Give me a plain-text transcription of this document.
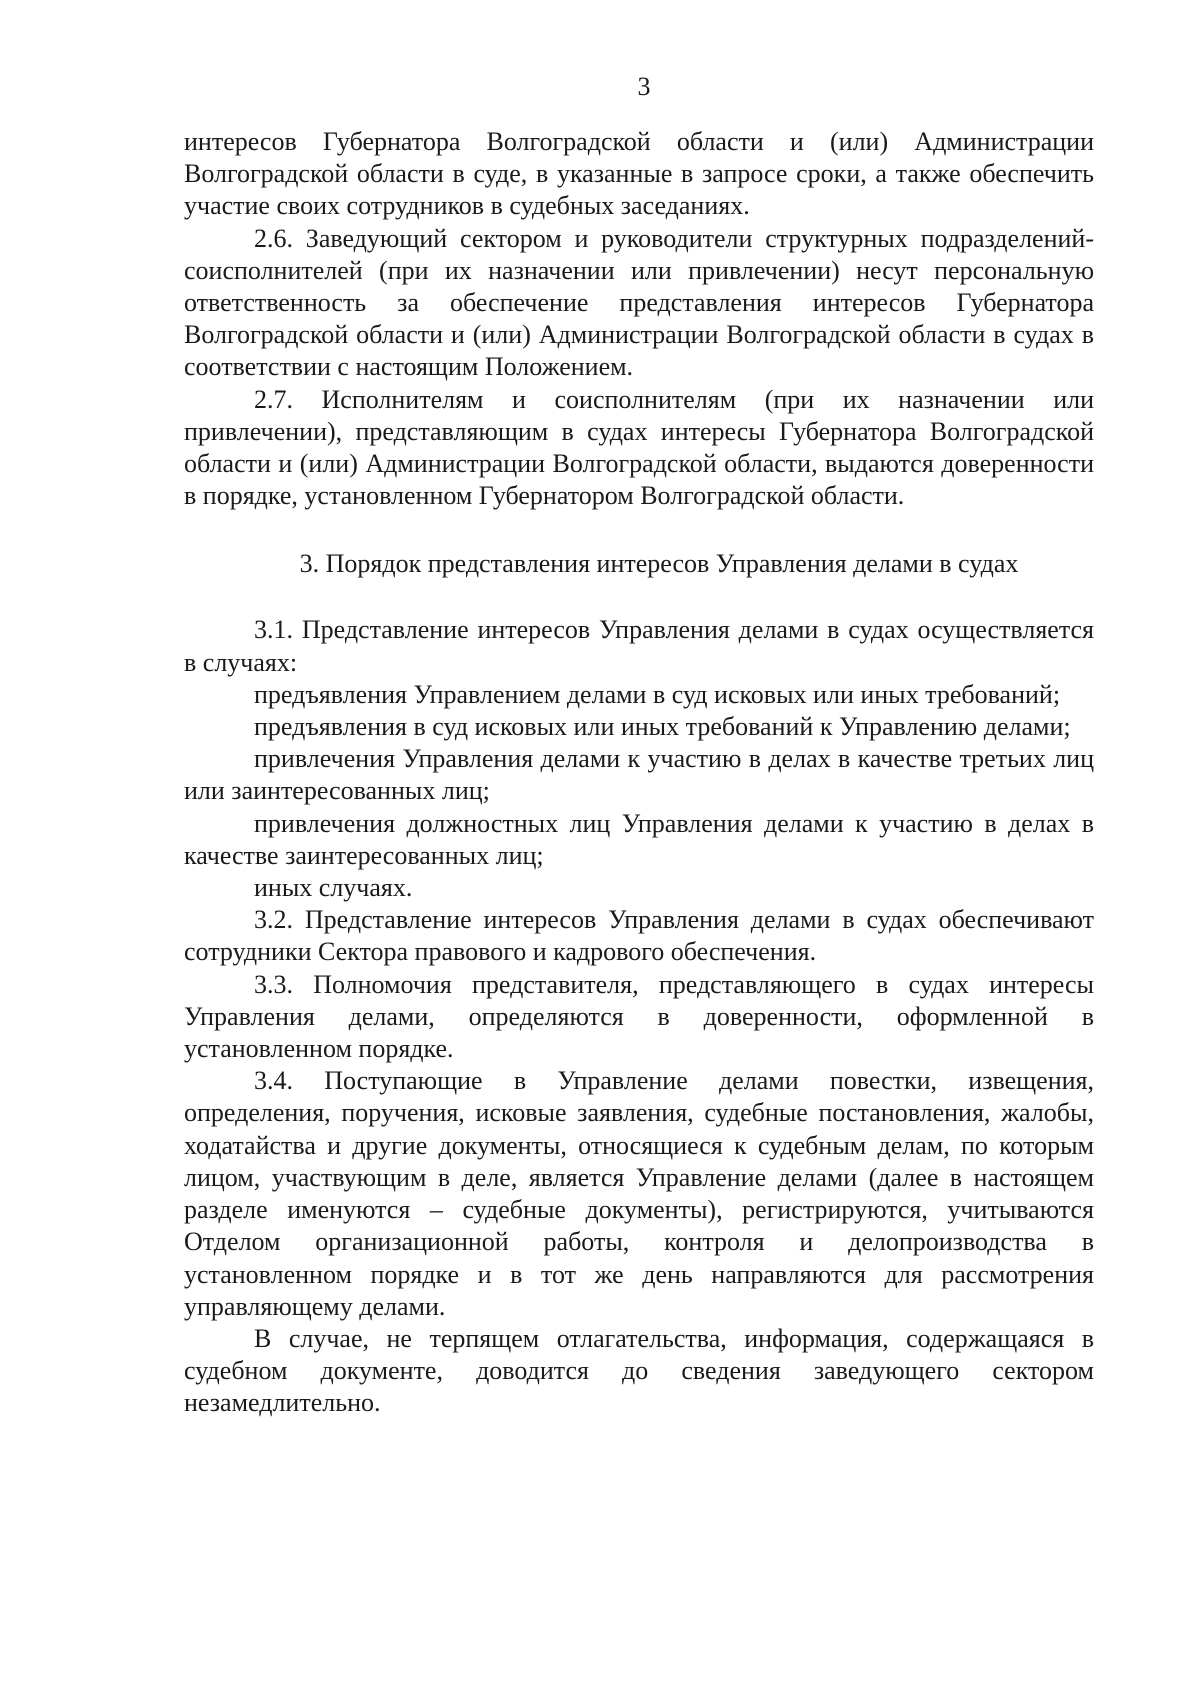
3

интересов Губернатора Волгоградской области и (или) Администрации Волгоградской области в суде, в указанные в запросе сроки, а также обеспечить участие своих сотрудников в судебных заседаниях.

2.6. Заведующий сектором и руководители структурных подразделений-соисполнителей (при их назначении или привлечении) несут персональную ответственность за обеспечение представления интересов Губернатора Волгоградской области и (или) Администрации Волгоградской области в судах в соответствии с настоящим Положением.

2.7. Исполнителям и соисполнителям (при их назначении или привлечении), представляющим в судах интересы Губернатора Волгоградской области и (или) Администрации Волгоградской области, выдаются доверенности в порядке, установленном Губернатором Волгоградской области.

3. Порядок представления интересов Управления делами в судах

3.1. Представление интересов Управления делами в судах осуществляется в случаях:

предъявления Управлением делами в суд исковых или иных требований;

предъявления в суд исковых или иных требований к Управлению делами;

привлечения Управления делами к участию в делах в качестве третьих лиц или заинтересованных лиц;

привлечения должностных лиц Управления делами к участию в делах в качестве заинтересованных лиц;

иных случаях.

3.2. Представление интересов Управления делами в судах обеспечивают сотрудники Сектора правового и кадрового обеспечения.

3.3. Полномочия представителя, представляющего в судах интересы Управления делами, определяются в доверенности, оформленной в установленном порядке.

3.4. Поступающие в Управление делами повестки, извещения, определения, поручения, исковые заявления, судебные постановления, жалобы, ходатайства и другие документы, относящиеся к судебным делам, по которым лицом, участвующим в деле, является Управление делами (далее в настоящем разделе именуются – судебные документы), регистрируются, учитываются Отделом организационной работы, контроля и делопроизводства в установленном порядке и в тот же день направляются для рассмотрения управляющему делами.

В случае, не терпящем отлагательства, информация, содержащаяся в судебном документе, доводится до сведения заведующего сектором незамедлительно.
